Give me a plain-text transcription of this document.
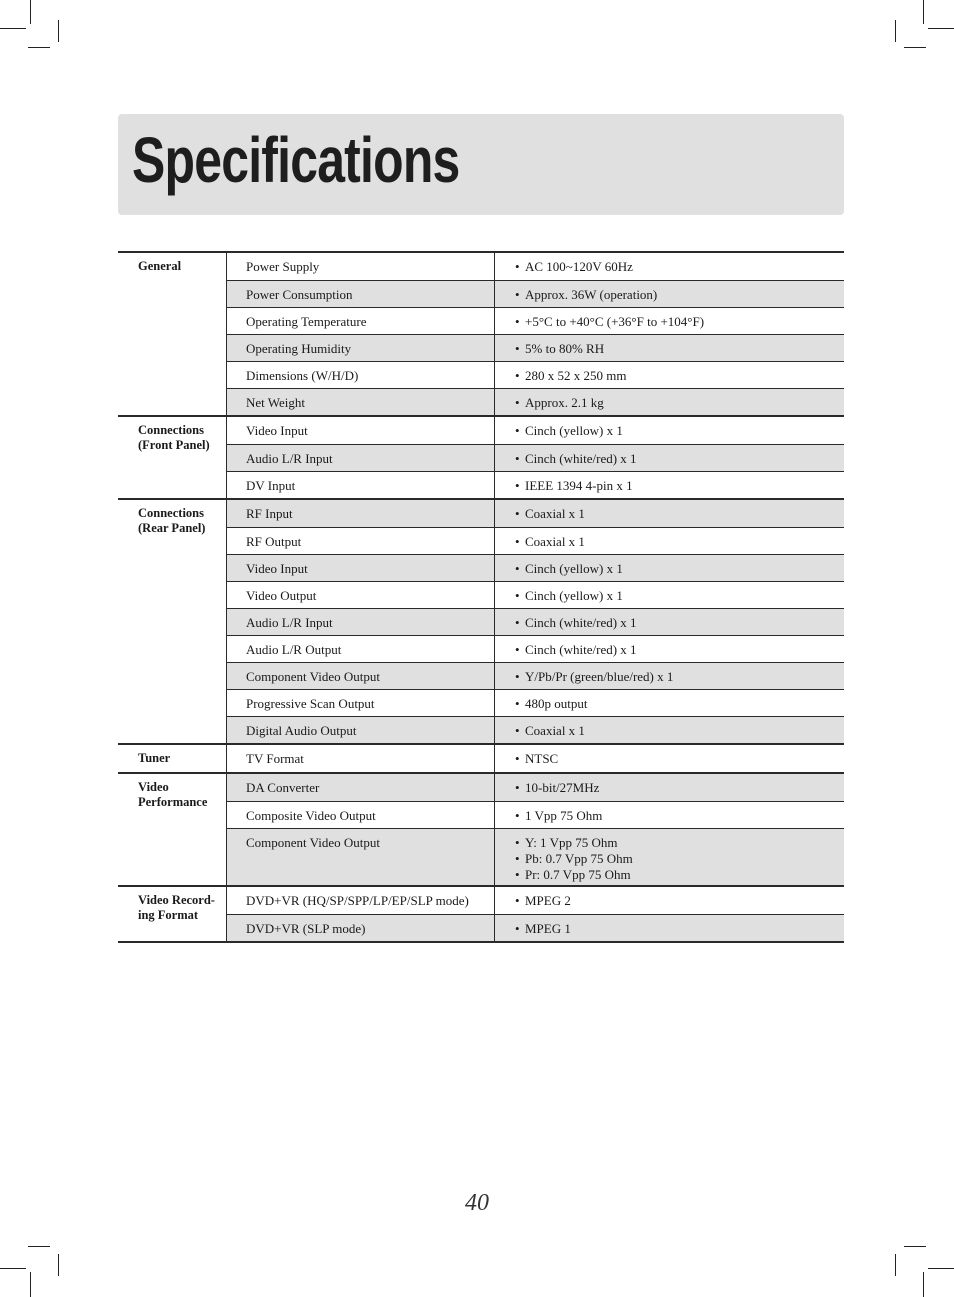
Specifications
General	Power Supply	• AC 100~120V 60Hz
Power Consumption	• Approx. 36W (operation)
Operating Temperature	• +5°C to +40°C (+36°F to +104°F)
Operating Humidity	• 5% to 80% RH
Dimensions (W/H/D)	• 280 x 52 x 250 mm
Net Weight	• Approx. 2.1 kg
Connections (Front Panel)
Video Input	• Cinch (yellow) x 1
Audio L/R Input	• Cinch (white/red) x 1
DV Input	• IEEE 1394 4-pin x 1
Connections (Rear Panel)
RF Input	• Coaxial x 1
RF Output	• Coaxial x 1
Video Input	• Cinch (yellow) x 1
Video Output	• Cinch (yellow) x 1
Audio L/R Input	• Cinch (white/red) x 1
Audio L/R Output	• Cinch (white/red) x 1
Component Video Output	• Y/Pb/Pr (green/blue/red) x 1
Progressive Scan Output	• 480p output
Digital Audio Output	• Coaxial x 1
Tuner	TV Format	• NTSC
Video Performance
DA Converter	• 10-bit/27MHz
Composite Video Output	• 1 Vpp 75 Ohm
Component Video Output	• Y: 1 Vpp 75 Ohm
• Pb: 0.7 Vpp 75 Ohm
• Pr: 0.7 Vpp 75 Ohm
Video Record-ing Format
DVD+VR (HQ/SP/SPP/LP/EP/SLP mode)	• MPEG 2
DVD+VR (SLP mode)	• MPEG 1
40
